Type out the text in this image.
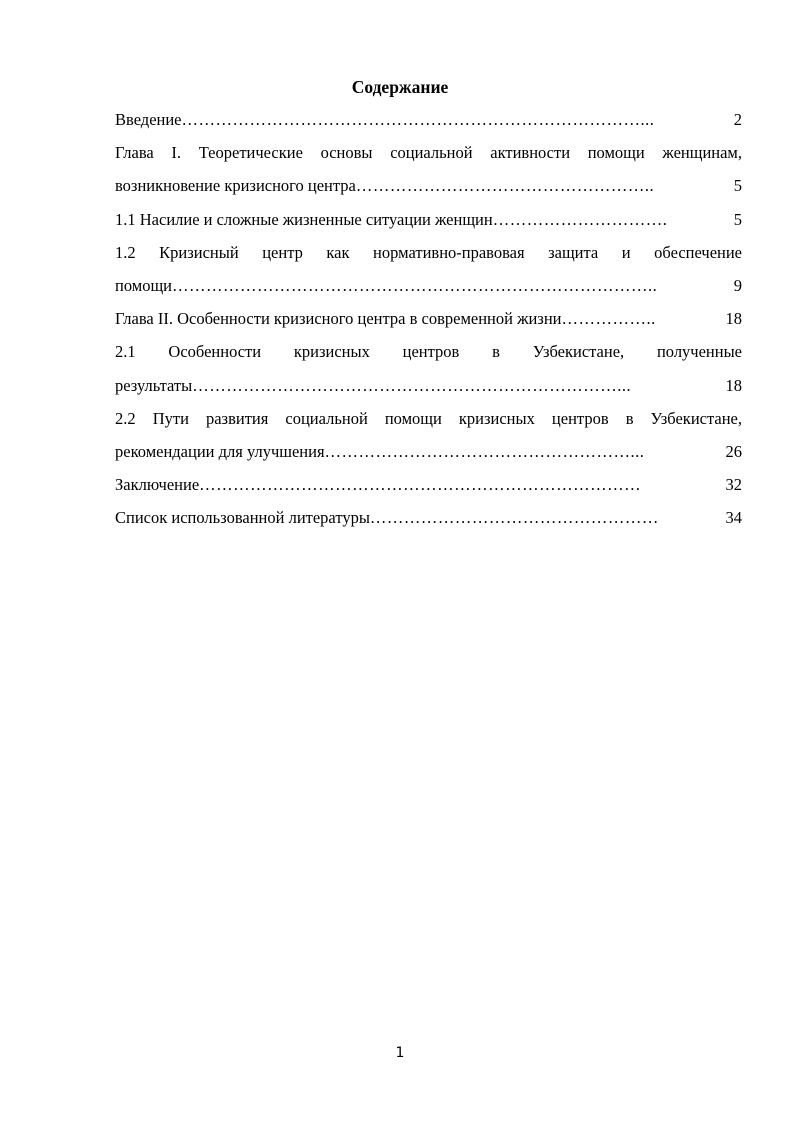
Содержание
Введение ………………………………………………………………………...	2
Глава I. Теоретические основы социальной активности помощи женщинам,
возникновение кризисного центра ……………………………………………..	5
1.1 Насилие и сложные жизненные ситуации женщин ………………………….	5
1.2 Кризисный центр как нормативно-правовая защита и обеспечение
помощи …………………………………………………………………………..	9
Глава II. Особенности кризисного центра в современной жизни ……………..	18
2.1 Особенности кризисных центров в Узбекистане, полученные
результаты …………………………………………………………………...	18
2.2 Пути развития социальной помощи кризисных центров в Узбекистане,
рекомендации для улучшения ………………………………………………...	26
Заключение ……………………………………………………………………	32
Список использованной литературы ……………………………………………	34
1
